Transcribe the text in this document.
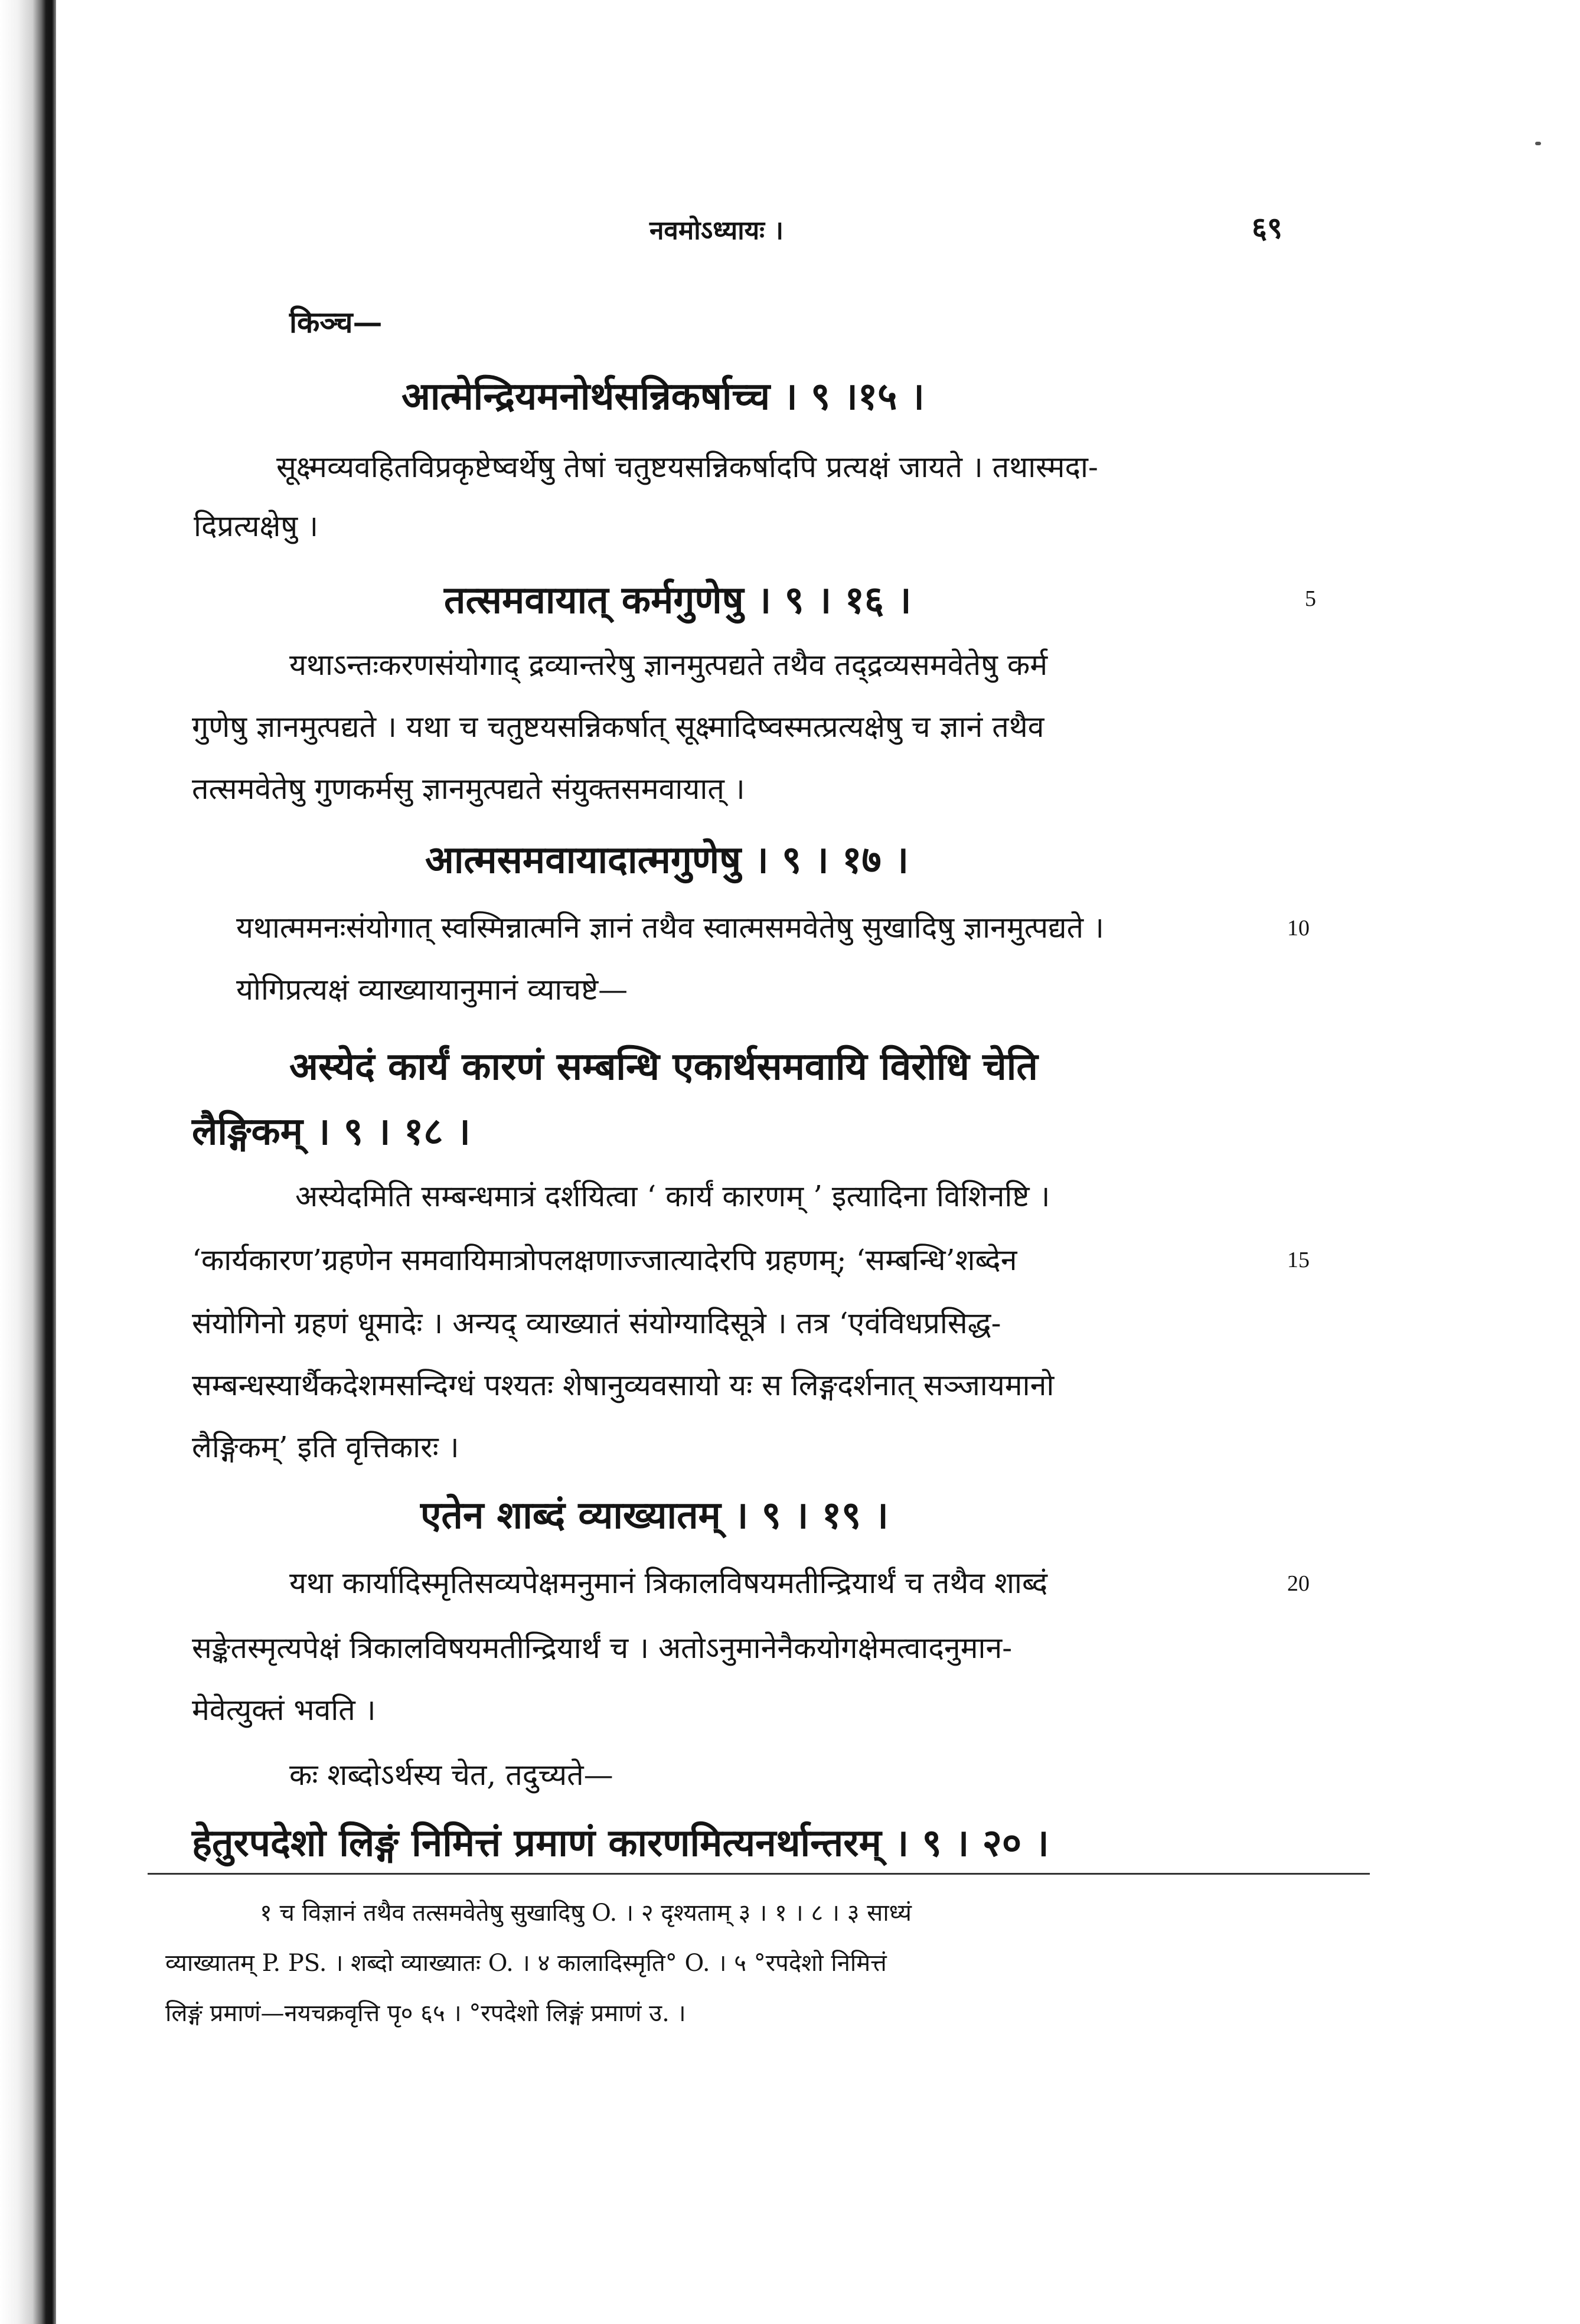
नवमोऽध्यायः ।	६९
किञ्च—
आत्मेन्द्रियमनोर्थसन्निकर्षाच्च । ९ ।१५ ।
सूक्ष्मव्यवहितविप्रकृष्टेष्वर्थेषु तेषां चतुष्टयसन्निकर्षादपि प्रत्यक्षं जायते । तथास्मदा-
दिप्रत्यक्षेषु ।
तत्समवायात् कर्मगुणेषु । ९ । १६ ।	5
यथाऽन्तःकरणसंयोगाद् द्रव्यान्तरेषु ज्ञानमुत्पद्यते तथैव तद्द्रव्यसमवेतेषु कर्म
गुणेषु ज्ञानमुत्पद्यते । यथा च चतुष्टयसन्निकर्षात् सूक्ष्मादिष्वस्मत्प्रत्यक्षेषु च ज्ञानं तथैव
तत्समवेतेषु गुणकर्मसु ज्ञानमुत्पद्यते संयुक्तसमवायात् ।
आत्मसमवायादात्मगुणेषु । ९ । १७ ।
यथात्ममनःसंयोगात् स्वस्मिन्नात्मनि ज्ञानं तथैव स्वात्मसमवेतेषु सुखादिषु ज्ञानमुत्पद्यते ।	10
योगिप्रत्यक्षं व्याख्यायानुमानं व्याचष्टे—
अस्येदं कार्यं कारणं सम्बन्धि एकार्थसमवायि विरोधि चेति
लैङ्गिकम् । ९ । १८ ।
अस्येदमिति सम्बन्धमात्रं दर्शयित्वा ‘ कार्यं कारणम् ’ इत्यादिना विशिनष्टि ।
‘कार्यकारण’ग्रहणेन समवायिमात्रोपलक्षणाज्जात्यादेरपि ग्रहणम्; ‘सम्बन्धि’शब्देन	15
संयोगिनो ग्रहणं धूमादेः । अन्यद् व्याख्यातं संयोग्यादिसूत्रे । तत्र ‘एवंविधप्रसिद्ध-
सम्बन्धस्यार्थैकदेशमसन्दिग्धं पश्यतः शेषानुव्यवसायो यः स लिङ्गदर्शनात् सञ्जायमानो
लैङ्गिकम्’ इति वृत्तिकारः ।
एतेन शाब्दं व्याख्यातम् । ९ । १९ ।
यथा कार्यादिस्मृतिसव्यपेक्षमनुमानं त्रिकालविषयमतीन्द्रियार्थं च तथैव शाब्दं	20
सङ्केतस्मृत्यपेक्षं त्रिकालविषयमतीन्द्रियार्थं च । अतोऽनुमानेनैकयोगक्षेमत्वादनुमान-
मेवेत्युक्तं भवति ।
कः शब्दोऽर्थस्य चेत, तदुच्यते—
हेतुरपदेशो लिङ्गं निमित्तं प्रमाणं कारणमित्यनर्थान्तरम् । ९ । २० ।
१ च विज्ञानं तथैव तत्समवेतेषु सुखादिषु O. । २ दृश्यताम् ३ । १ । ८ । ३ साध्यं
व्याख्यातम् P. PS. । शब्दो व्याख्यातः O. । ४ कालादिस्मृति° O. । ५ °रपदेशो निमित्तं
लिङ्गं प्रमाणं—नयचक्रवृत्ति पृ० ६५ । °रपदेशो लिङ्गं प्रमाणं उ. ।
